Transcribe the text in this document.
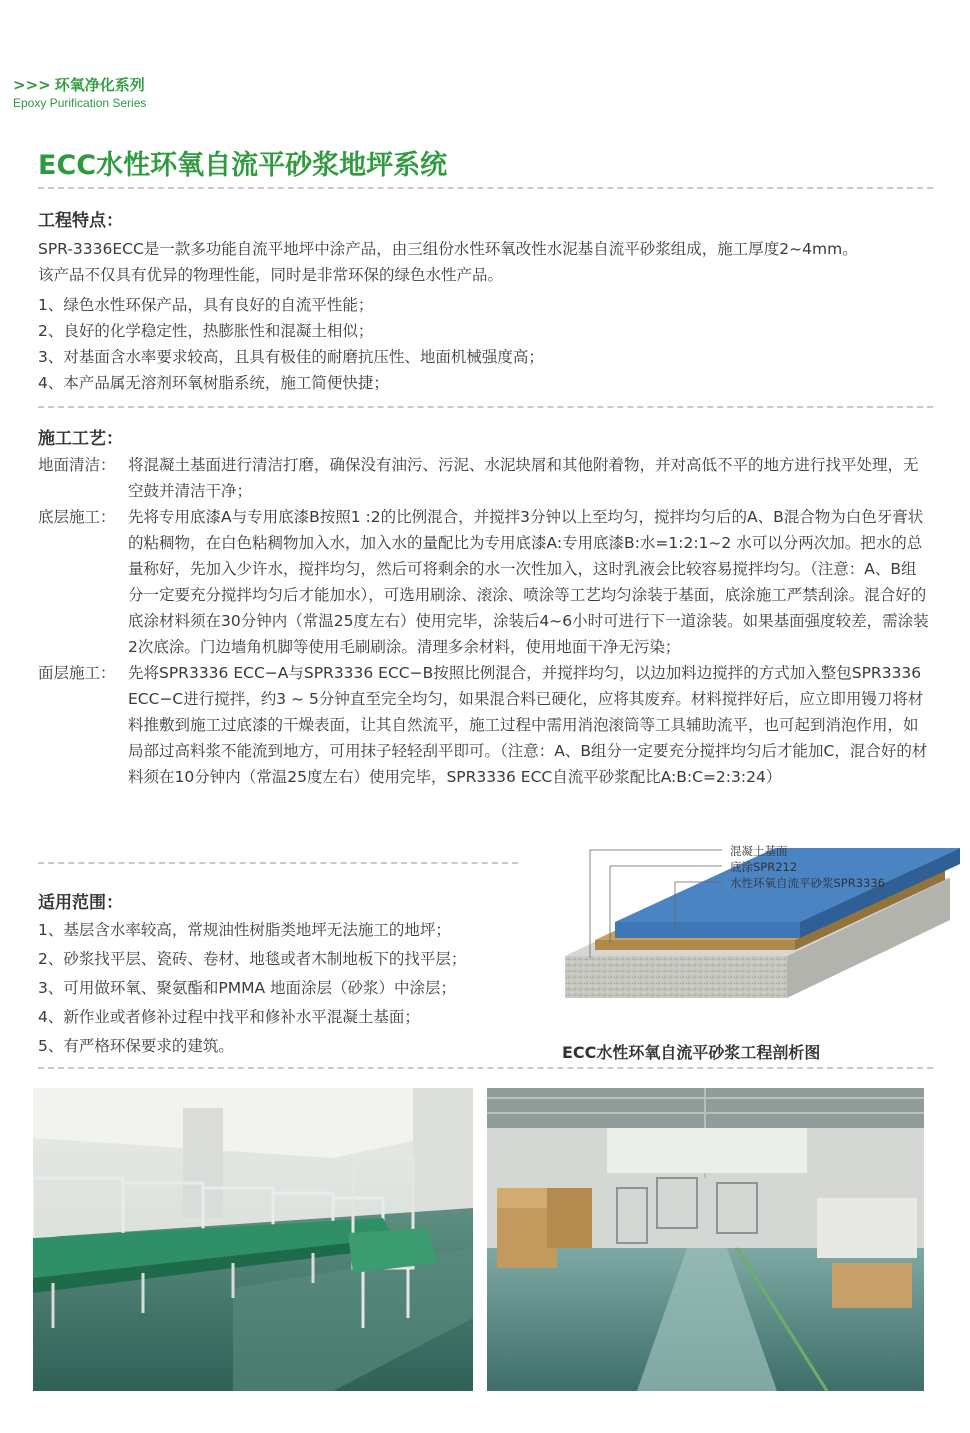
>>> 环氧净化系列
Epoxy Purification Series
ECC水性环氧自流平砂浆地坪系统
工程特点：
SPR-3336ECC是一款多功能自流平地坪中涂产品，由三组份水性环氧改性水泥基自流平砂浆组成，施工厚度2~4mm。
该产品不仅具有优异的物理性能，同时是非常环保的绿色水性产品。
1、绿色水性环保产品，具有良好的自流平性能；
2、良好的化学稳定性，热膨胀性和混凝土相似；
3、对基面含水率要求较高，且具有极佳的耐磨抗压性、地面机械强度高；
4、本产品属无溶剂环氧树脂系统，施工简便快捷；
施工工艺：
地面清洁： 将混凝土基面进行清洁打磨，确保没有油污、污泥、水泥块屑和其他附着物，并对高低不平的地方进行找平处理，无空鼓并清洁干净；
底层施工： 先将专用底漆A与专用底漆B按照1 :2的比例混合，并搅拌3分钟以上至均匀，搅拌均匀后的A、B混合物为白色牙膏状的粘稠物，在白色粘稠物加入水，加入水的量配比为专用底漆A:专用底漆B:水=1:2:1~2 水可以分两次加。把水的总量称好，先加入少许水，搅拌均匀，然后可将剩余的水一次性加入，这时乳液会比较容易搅拌均匀。（注意：A、B组分一定要充分搅拌均匀后才能加水），可选用刷涂、滚涂、喷涂等工艺均匀涂装于基面，底涂施工严禁刮涂。混合好的底涂材料须在30分钟内（常温25度左右）使用完毕，涂装后4~6小时可进行下一道涂装。如果基面强度较差，需涂装2次底涂。门边墙角机脚等使用毛刷刷涂。清理多余材料，使用地面干净无污染；
面层施工： 先将SPR3336 ECC−A与SPR3336 ECC−B按照比例混合，并搅拌均匀，以边加料边搅拌的方式加入整包SPR3336 ECC−C进行搅拌，约3 ~ 5分钟直至完全均匀，如果混合料已硬化，应将其废弃。材料搅拌好后，应立即用镘刀将材料推敷到施工过底漆的干燥表面，让其自然流平，施工过程中需用消泡滚筒等工具辅助流平，也可起到消泡作用，如局部过高料浆不能流到地方，可用抹子轻轻刮平即可。（注意：A、B组分一定要充分搅拌均匀后才能加C，混合好的材料须在10分钟内（常温25度左右）使用完毕，SPR3336 ECC自流平砂浆配比A:B:C=2:3:24）
适用范围：
1、基层含水率较高，常规油性树脂类地坪无法施工的地坪；
2、砂浆找平层、瓷砖、卷材、地毯或者木制地板下的找平层；
3、可用做环氧、聚氨酯和PMMA 地面涂层（砂浆）中涂层；
4、新作业或者修补过程中找平和修补水平混凝土基面；
5、有严格环保要求的建筑。
混凝土基面
底涂SPR212
水性环氧自流平砂浆SPR3336
ECC水性环氧自流平砂浆工程剖析图
